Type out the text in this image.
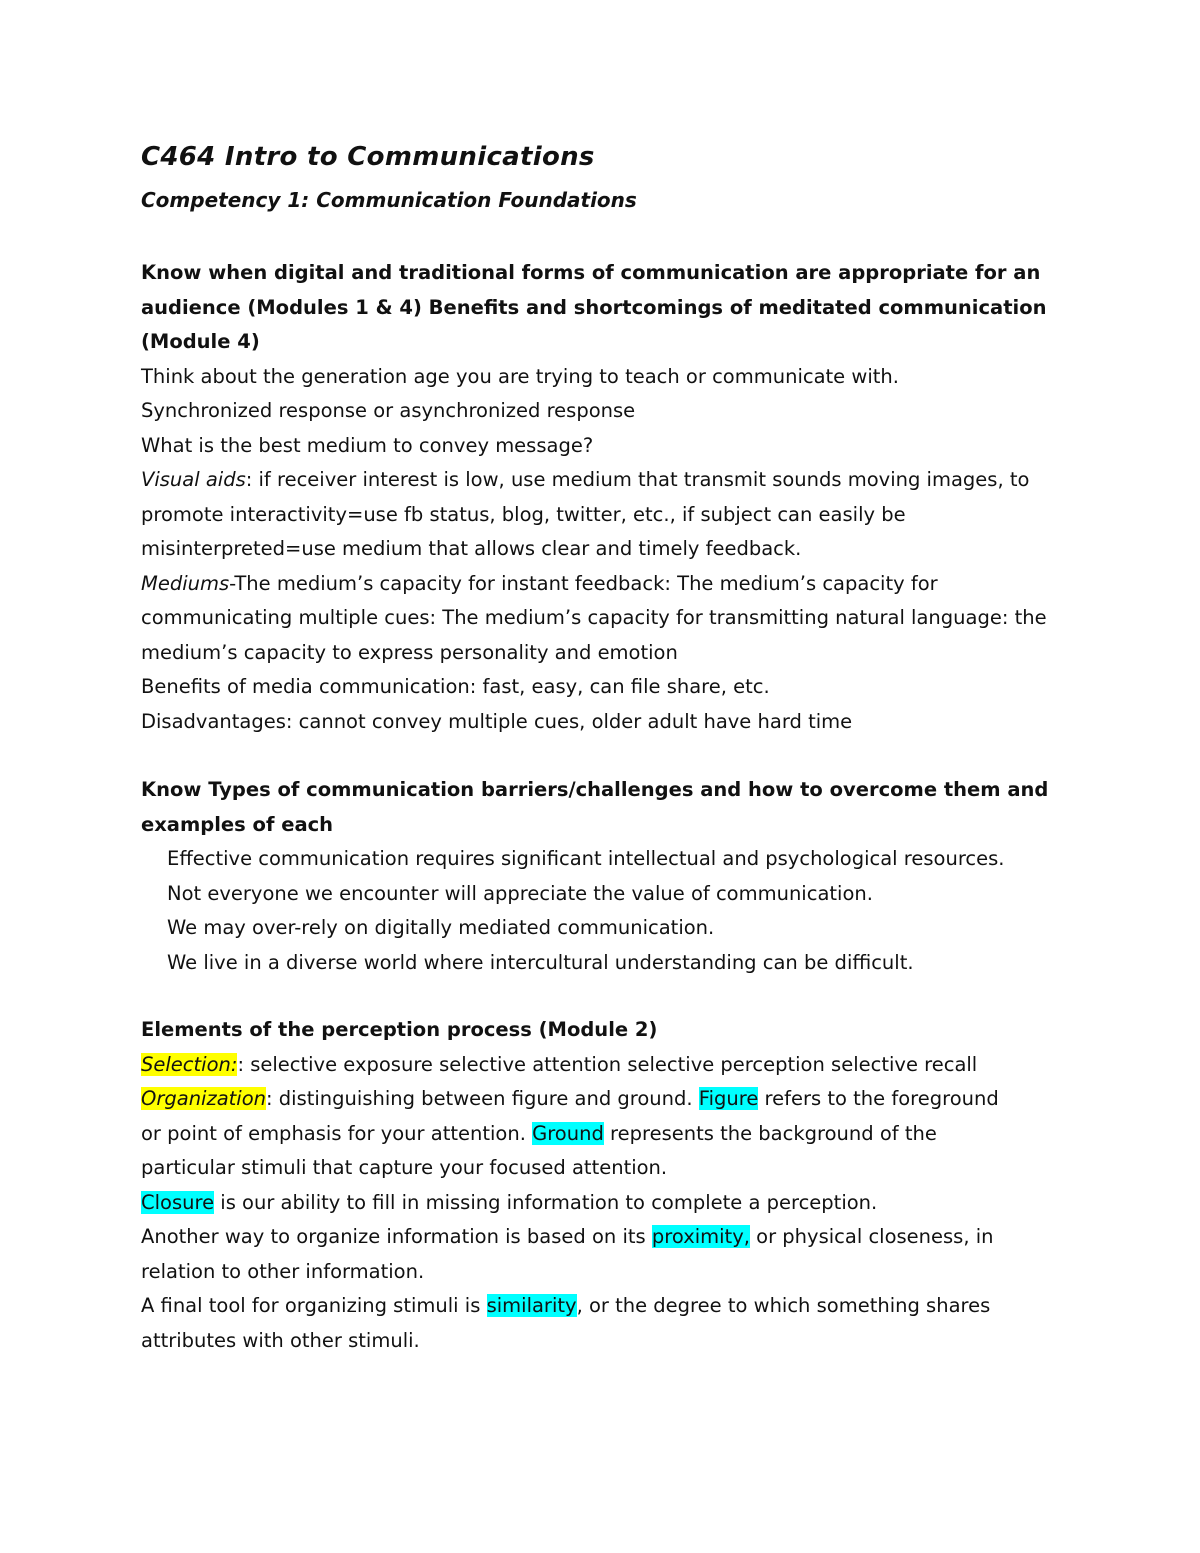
C464 Intro to Communications
Competency 1: Communication Foundations
Know when digital and traditional forms of communication are appropriate for an
audience (Modules 1 & 4) Benefits and shortcomings of meditated communication
(Module 4)
Think about the generation age you are trying to teach or communicate with.
Synchronized response or asynchronized response
What is the best medium to convey message?
Visual aids: if receiver interest is low, use medium that transmit sounds moving images, to
promote interactivity=use fb status, blog, twitter, etc., if subject can easily be
misinterpreted=use medium that allows clear and timely feedback.
Mediums-The medium’s capacity for instant feedback: The medium’s capacity for
communicating multiple cues: The medium’s capacity for transmitting natural language: the
medium’s capacity to express personality and emotion
Benefits of media communication: fast, easy, can file share, etc.
Disadvantages: cannot convey multiple cues, older adult have hard time
Know Types of communication barriers/challenges and how to overcome them and
examples of each
Effective communication requires significant intellectual and psychological resources.
Not everyone we encounter will appreciate the value of communication.
We may over-rely on digitally mediated communication.
We live in a diverse world where intercultural understanding can be difficult.
Elements of the perception process (Module 2)
Selection:: selective exposure selective attention selective perception selective recall
Organization: distinguishing between figure and ground. Figure refers to the foreground
or point of emphasis for your attention. Ground represents the background of the
particular stimuli that capture your focused attention.
Closure is our ability to fill in missing information to complete a perception.
Another way to organize information is based on its proximity, or physical closeness, in
relation to other information.
A final tool for organizing stimuli is similarity, or the degree to which something shares
attributes with other stimuli.
